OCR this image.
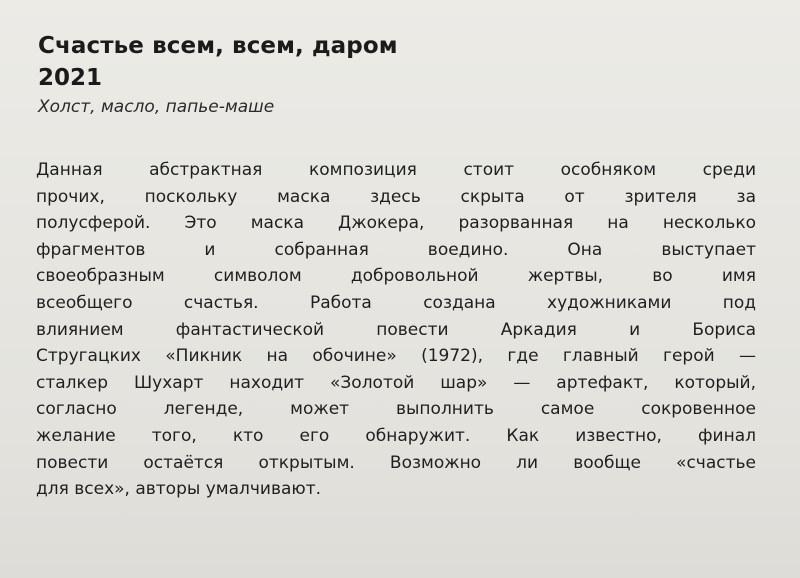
Счастье всем, всем, даром
2021
Холст, масло, папье-маше
Данная абстрактная композиция стоит особняком среди
прочих, поскольку маска здесь скрыта от зрителя за
полусферой. Это маска Джокера, разорванная на несколько
фрагментов и собранная воедино. Она выступает
своеобразным символом добровольной жертвы, во имя
всеобщего счастья. Работа создана художниками под
влиянием фантастической повести Аркадия и Бориса
Стругацких «Пикник на обочине» (1972), где главный герой —
сталкер Шухарт находит «Золотой шар» — артефакт, который,
согласно легенде, может выполнить самое сокровенное
желание того, кто его обнаружит. Как известно, финал
повести остаётся открытым. Возможно ли вообще «счастье
для всех», авторы умалчивают.
